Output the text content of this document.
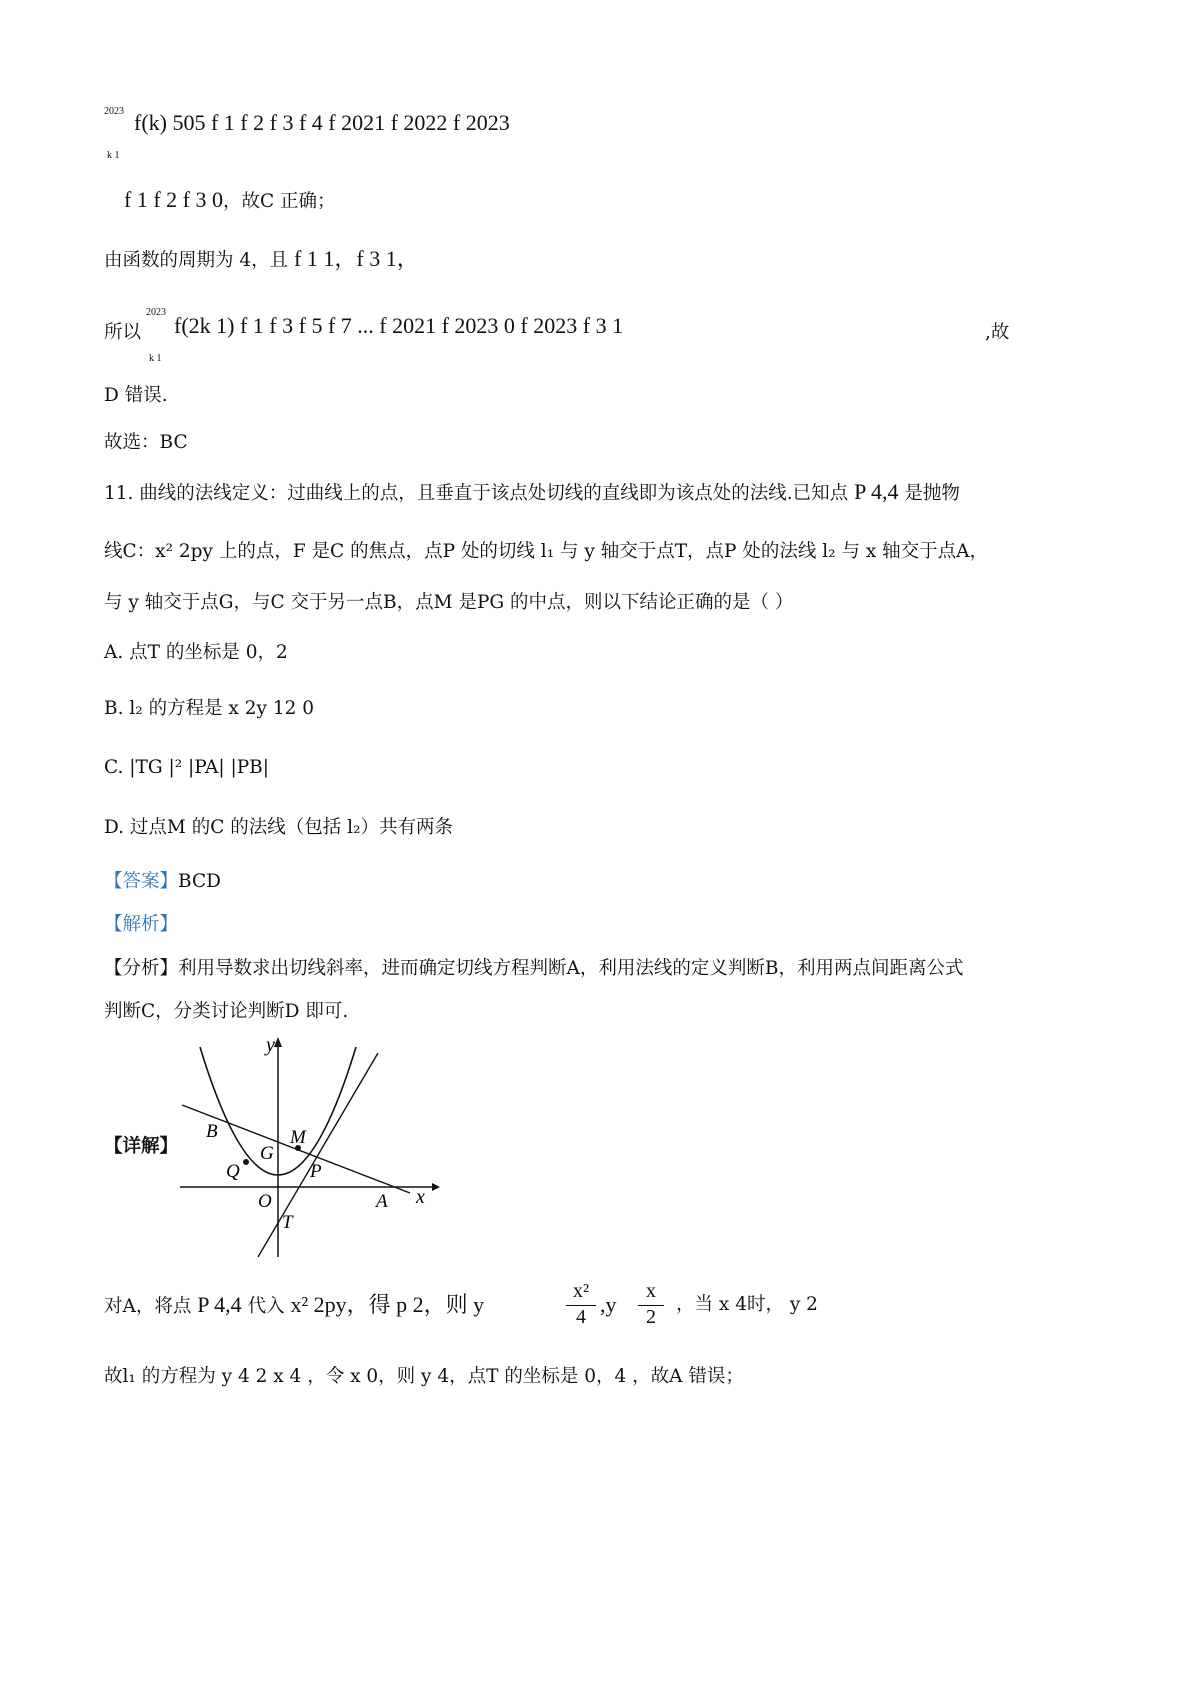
2023
k 1
f(k) 505 f 1 f 2 f 3 f 4 f 2021 f 2022 f 2023
f 1 f 2 f 3 0，故C 正确；
由函数的周期为 4，且 f 1 1，f 3 1，
所以
2023
k 1
f(2k 1) f 1 f 3 f 5 f 7 ... f 2021 f 2023 0 f 2023 f 3 1	,故
D 错误.
故选：BC
11. 曲线的法线定义：过曲线上的点，且垂直于该点处切线的直线即为该点处的法线.已知点 P 4,4 是抛物
线C：x² 2py 上的点，F 是C 的焦点，点P 处的切线 l₁ 与 y 轴交于点T，点P 处的法线 l₂ 与 x 轴交于点A，
与 y 轴交于点G，与C 交于另一点B，点M 是PG 的中点，则以下结论正确的是（ ）
A. 点T 的坐标是 0，2
B. l₂ 的方程是 x 2y 12 0
C. |TG |² |PA| |PB|
D. 过点M 的C 的法线（包括 l₂）共有两条
【答案】BCD
【解析】
【分析】利用导数求出切线斜率，进而确定切线方程判断A，利用法线的定义判断B，利用两点间距离公式
判断C，分类讨论判断D 即可.
【详解】
y
x
B	M
G
P
Q
O	A
T
对A，将点 P 4,4 代入 x² 2py，得 p 2，则 y	$\frac{\text{x²}}{4} ,y \frac{x}{2}$ ，当 x 4时， y 2
故l₁ 的方程为 y 4 2 x 4 ，令 x 0，则 y 4，点T 的坐标是 0，4 ，故A 错误；
